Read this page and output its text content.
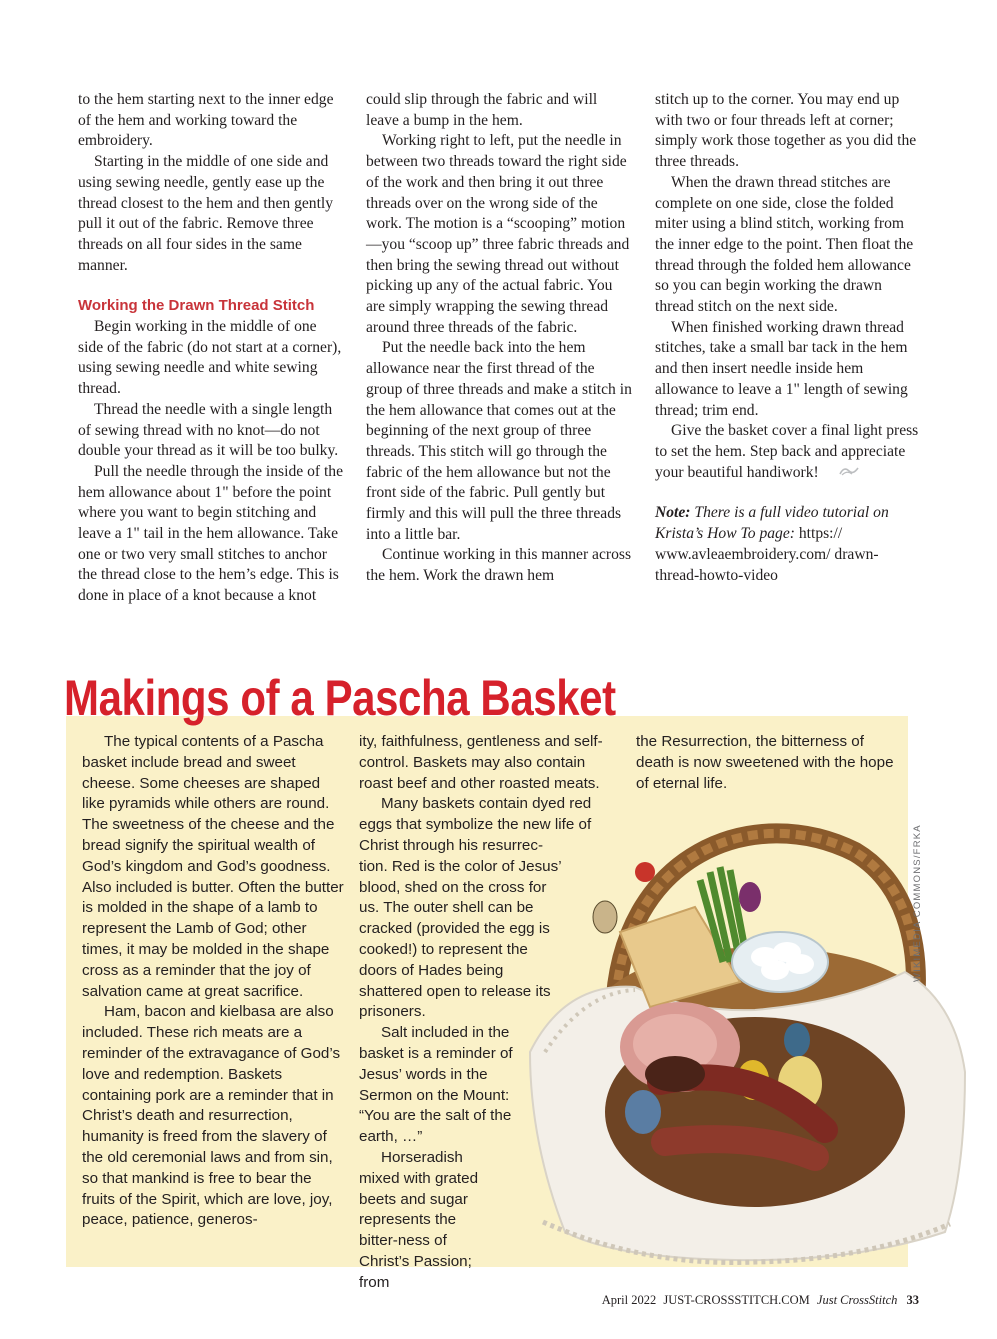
to the hem starting next to the inner edge of the hem and working toward the embroidery.

Starting in the middle of one side and using sewing needle, gently ease up the thread closest to the hem and then gently pull it out of the fabric. Remove three threads on all four sides in the same manner.

Working the Drawn Thread Stitch

Begin working in the middle of one side of the fabric (do not start at a corner), using sewing needle and white sewing thread.

Thread the needle with a single length of sewing thread with no knot—do not double your thread as it will be too bulky.

Pull the needle through the inside of the hem allowance about 1" before the point where you want to begin stitching and leave a 1" tail in the hem allowance. Take one or two very small stitches to anchor the thread close to the hem’s edge. This is done in place of a knot because a knot

could slip through the fabric and will leave a bump in the hem.

Working right to left, put the needle in between two threads toward the right side of the work and then bring it out three threads over on the wrong side of the work. The motion is a “scooping” motion—you “scoop up” three fabric threads and then bring the sewing thread out without picking up any of the actual fabric. You are simply wrapping the sewing thread around three threads of the fabric.

Put the needle back into the hem allowance near the first thread of the group of three threads and make a stitch in the hem allowance that comes out at the beginning of the next group of three threads. This stitch will go through the fabric of the hem allowance but not the front side of the fabric. Pull gently but firmly and this will pull the three threads into a little bar.

Continue working in this manner across the hem. Work the drawn hem

stitch up to the corner. You may end up with two or four threads left at corner; simply work those together as you did the three threads.

When the drawn thread stitches are complete on one side, close the folded miter using a blind stitch, working from the inner edge to the point. Then float the thread through the folded hem allowance so you can begin working the drawn thread stitch on the next side.

When finished working drawn thread stitches, take a small bar tack in the hem and then insert needle inside hem allowance to leave a 1" length of sewing thread; trim end.

Give the basket cover a final light press to set the hem. Step back and appreciate your beautiful handiwork!

Note: There is a full video tutorial on Krista’s How To page: https:// www.avleaembroidery.com/ drawn-thread-howto-video

Makings of a Pascha Basket

The typical contents of a Pascha basket include bread and sweet cheese. Some cheeses are shaped like pyramids while others are round. The sweetness of the cheese and the bread signify the spiritual wealth of God’s kingdom and God’s goodness. Also included is butter. Often the butter is molded in the shape of a lamb to represent the Lamb of God; other times, it may be molded in the shape cross as a reminder that the joy of salvation came at great sacrifice.

Ham, bacon and kielbasa are also included. These rich meats are a reminder of the extravagance of God’s love and redemption. Baskets containing pork are a reminder that in Christ’s death and resurrection, humanity is freed from the slavery of the old ceremonial laws and from sin, so that mankind is free to bear the fruits of the Spirit, which are love, joy, peace, patience, generos-

ity, faithfulness, gentleness and self-control. Baskets may also contain roast beef and other roasted meats.

Many baskets contain dyed red eggs that symbolize the new life of Christ through his resurrec-

tion. Red is the color of Jesus’ blood, shed on the cross for us. The outer shell can be cracked (provided the egg is cooked!) to represent the doors of Hades being shattered open to release its prisoners.

Salt included in the basket is a reminder of Jesus’ words in the Sermon on the Mount: “You are the salt of the earth, …”

Horseradish mixed with grated beets and sugar represents the bitter-ness of Christ’s Passion; from

the Resurrection, the bitterness of death is now sweetened with the hope of eternal life.

WIKIMEDIA COMMONS/FRKA
April 2022 JUST-CROSSSTITCH.COM Just CrossStitch 33
